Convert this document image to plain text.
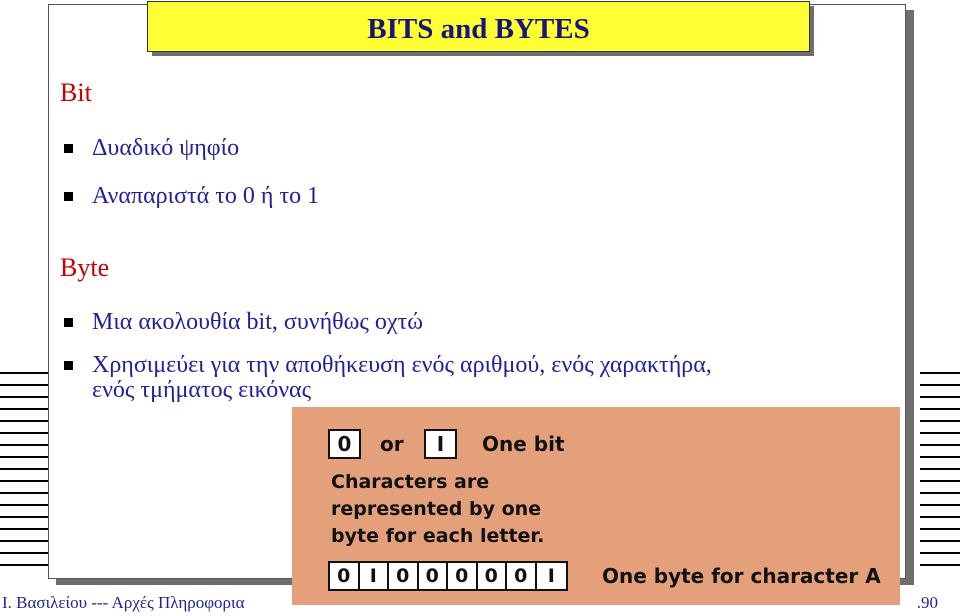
BITS and BYTES
Bit
Δυαδικό ψηφίο
Αναπαριστά το 0 ή το 1
Byte
Μια ακολουθία bit, συνήθως οχτώ
Χρησιμεύει για την αποθήκευση ενός αριθμού, ενός χαρακτήρα,
ενός τμήματος εικόνας
0	or	I	One bit
Characters are
represented by one
byte for each letter.
0	I	0 0 0 0 0	I	One byte for character A
Ι. Βασιλείου --- Αρχές Πληροφορια	.90
